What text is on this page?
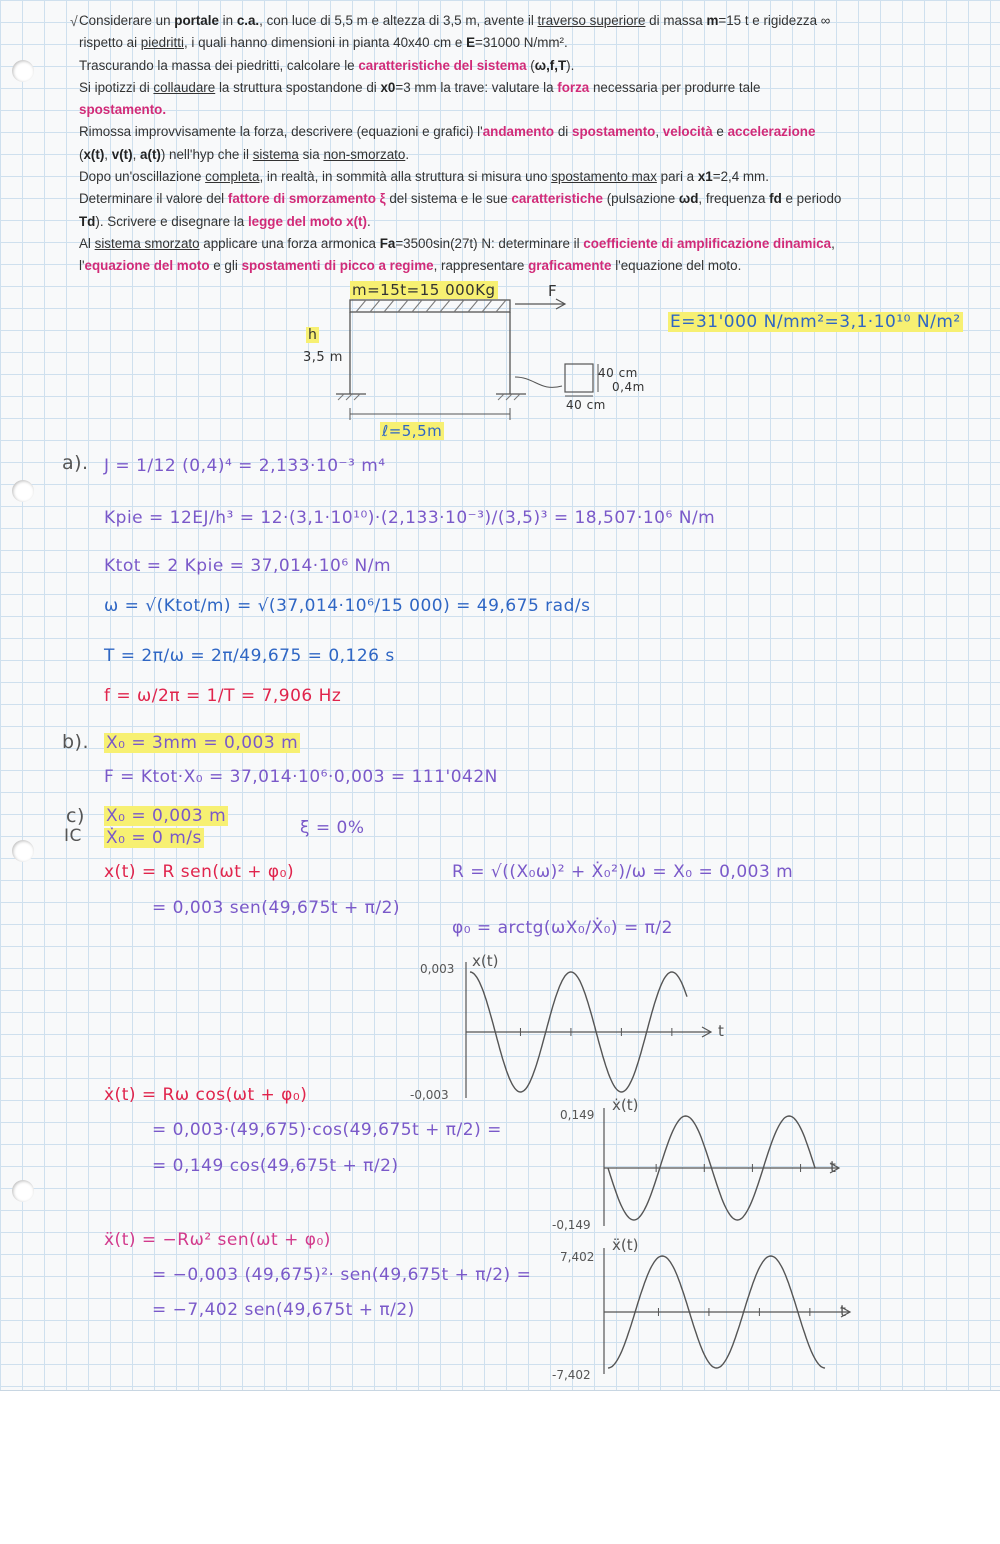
√ Considerare un portale in c.a., con luce di 5,5 m e altezza di 3,5 m, avente il traverso superiore di massa m=15 t e rigidezza ∞
rispetto ai piedritti, i quali hanno dimensioni in pianta 40x40 cm e E=31000 N/mm².
Trascurando la massa dei piedritti, calcolare le caratteristiche del sistema (ω,f,T).
Si ipotizzi di collaudare la struttura spostandone di x0=3 mm la trave: valutare la forza necessaria per produrre tale
spostamento.
Rimossa improvvisamente la forza, descrivere (equazioni e grafici) l'andamento di spostamento, velocità e accelerazione
(x(t), v(t), a(t)) nell'hyp che il sistema sia non-smorzato.
Dopo un'oscillazione completa, in realtà, in sommità alla struttura si misura uno spostamento max pari a x1=2,4 mm.
Determinare il valore del fattore di smorzamento ξ del sistema e le sue caratteristiche (pulsazione ωd, frequenza fd e periodo
Td). Scrivere e disegnare la legge del moto x(t).
Al sistema smorzato applicare una forza armonica Fa=3500sin(27t) N: determinare il coefficiente di amplificazione dinamica,
l'equazione del moto e gli spostamenti di picco a regime, rappresentare graficamente l'equazione del moto.
m=15t=15 000Kg	F
h
3,5 m
ℓ=5,5m
40 cm
0,4m
40 cm
E=31'000 N/mm²=3,1·10¹⁰ N/m²
a). J = 1/12 (0,4)⁴ = 2,133·10⁻³ m⁴
Kpie = 12EJ/h³ = 12·(3,1·10¹⁰)·(2,133·10⁻³)/(3,5)³ = 18,507·10⁶ N/m
Ktot = 2 Kpie = 37,014·10⁶ N/m
ω = √(Ktot/m) = √(37,014·10⁶/15 000) = 49,675 rad/s
T = 2π/ω = 2π/49,675 = 0,126 s
f = ω/2π = 1/T = 7,906 Hz
b). X₀ = 3mm = 0,003 m
F = Ktot·X₀ = 37,014·10⁶·0,003 = 111'042N
c)
IC
X₀ = 0,003 m
Ẋ₀ = 0 m/s	ξ = 0%
x(t) = R sen(ωt + φ₀)
= 0,003 sen(49,675t + π/2)
R = √((X₀ω)² + Ẋ₀²)/ω = X₀ = 0,003 m
φ₀ = arctg(ωX₀/Ẋ₀) = π/2
ẋ(t) = Rω cos(ωt + φ₀)
= 0,003·(49,675)·cos(49,675t + π/2) =
= 0,149 cos(49,675t + π/2)
ẍ(t) = −Rω² sen(ωt + φ₀)
= −0,003 (49,675)²· sen(49,675t + π/2) =
= −7,402 sen(49,675t + π/2)
0,003
-0,003
x(t)
t
0,149
-0,149
ẋ(t)
t
7,402
-7,402
ẍ(t)
t
